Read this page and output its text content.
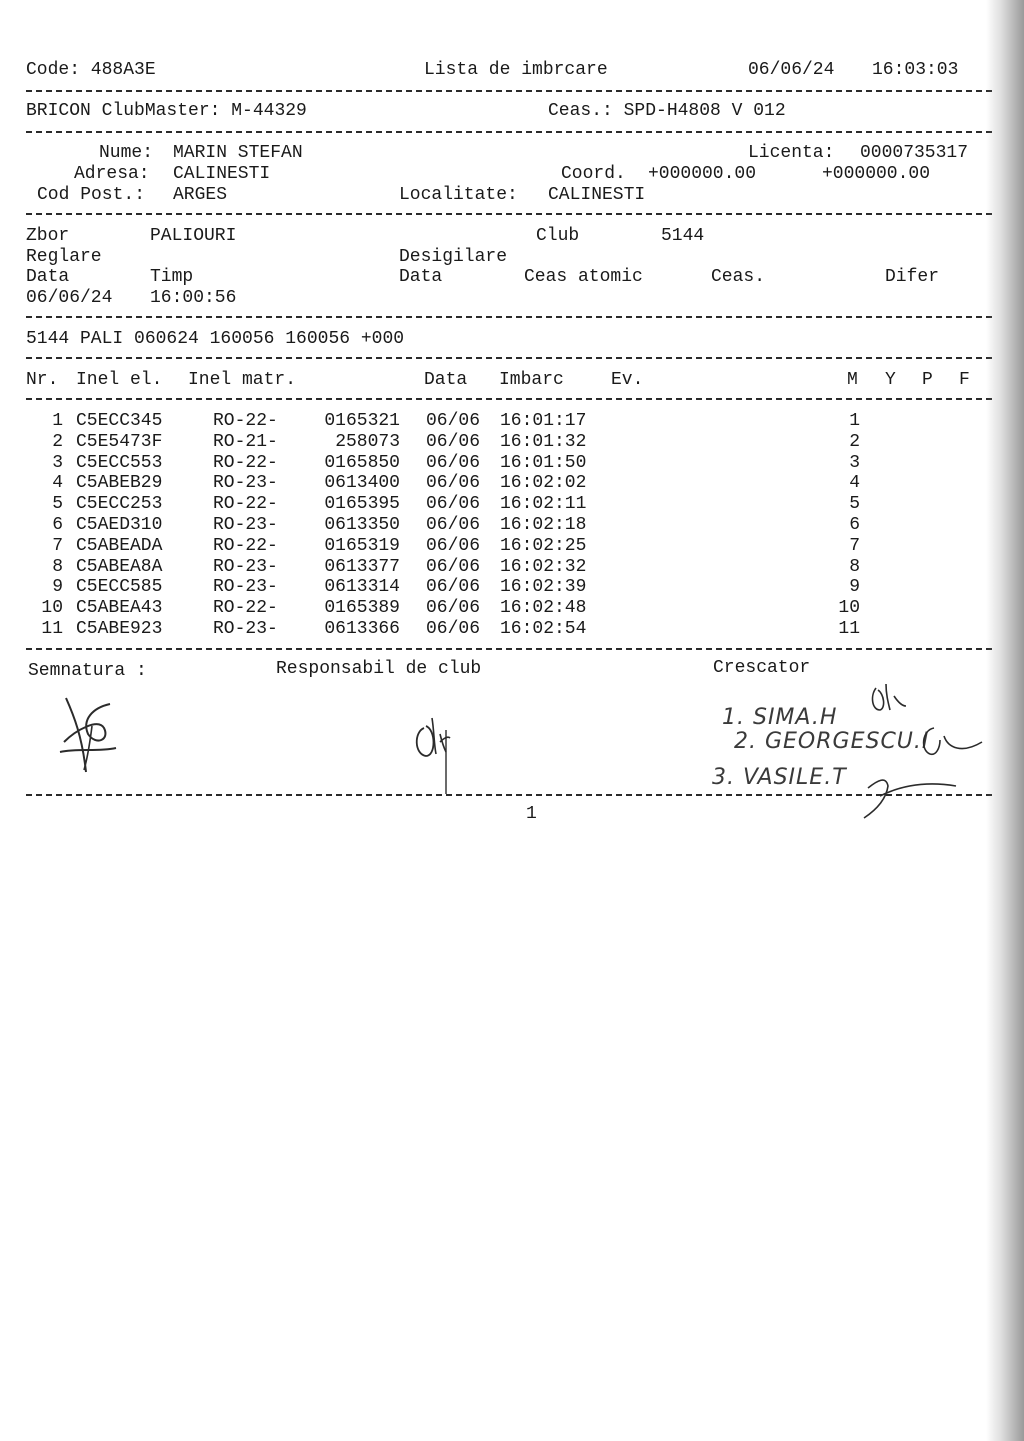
Code: 488A3E	Lista de imbrcare	06/06/24 16:03:03
BRICON ClubMaster: M-44329	Ceas.: SPD-H4808 V 012
Nume: MARIN STEFAN	Licenta: 0000735317
Adresa: CALINESTI	Coord. +000000.00	+000000.00
Cod Post.: ARGES	Localitate: CALINESTI
Zbor	PALIOURI	Club	5144
Reglare	Desigilare
Data	Timp	Data	Ceas atomic	Ceas.	Difer
06/06/24 16:00:56
5144 PALI 060624 160056 160056 +000
Nr. Inel el. Inel matr.	Data Imbarc	Ev.	M Y P F
1 C5ECC345	RO-22-	0165321 06/06 16:01:17	1
2 C5E5473F	RO-21-	258073 06/06 16:01:32	2
3 C5ECC553	RO-22-	0165850 06/06 16:01:50	3
4 C5ABEB29	RO-23-	0613400 06/06 16:02:02	4
5 C5ECC253	RO-22-	0165395 06/06 16:02:11	5
6 C5AED310	RO-23-	0613350 06/06 16:02:18	6
7 C5ABEADA	RO-22-	0165319 06/06 16:02:25	7
8 C5ABEA8A	RO-23-	0613377 06/06 16:02:32	8
9 C5ECC585	RO-23-	0613314 06/06 16:02:39	9
10 C5ABEA43	RO-22-	0165389 06/06 16:02:48	10
11 C5ABE923	RO-23-	0613366 06/06 16:02:54	11
Semnatura :	Responsabil de club	Crescator
1. SIMA.H
2. GEORGESCU.I
3. VASILE.T
1
